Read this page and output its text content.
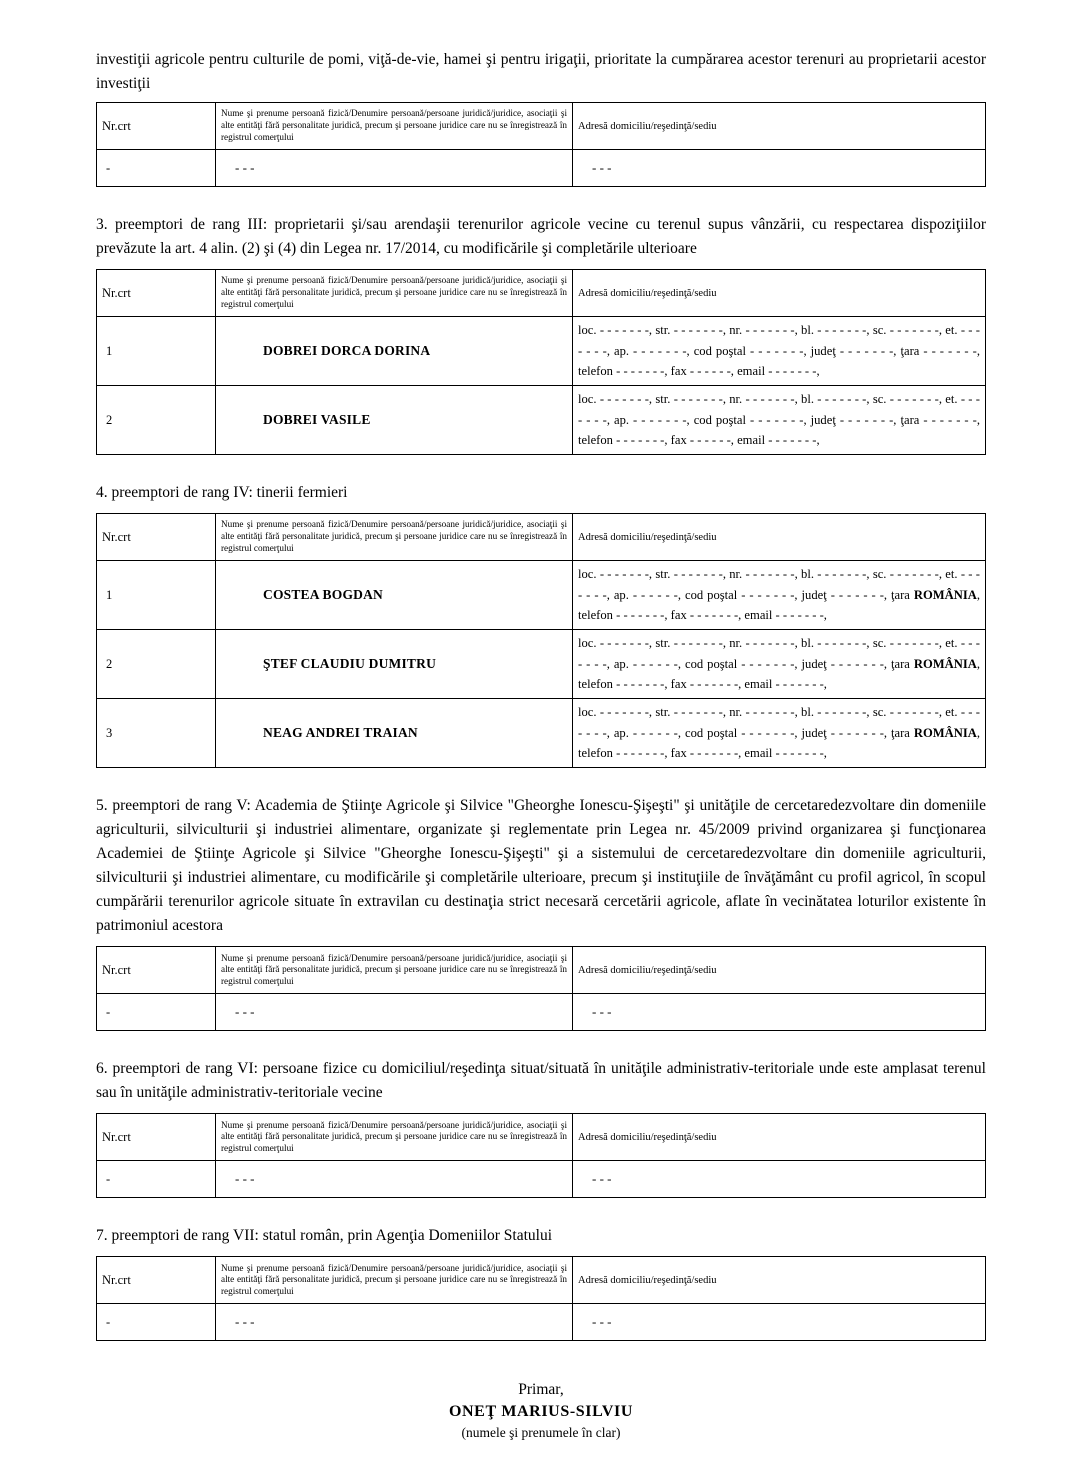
investiţii agricole pentru culturile de pomi, viţă-de-vie, hamei şi pentru irigaţii, prioritate la cumpărarea acestor terenuri au proprietarii acestor investiţii

Nr.crt	Nume şi prenume persoană fizică/Denumire persoană/persoane juridică/juridice, asociaţii şi alte entităţi fără personalitate juridică, precum şi persoane juridice care nu se înregistrează în registrul comerţului	Adresă domiciliu/reşedinţă/sediu

-	- - -	- - -

3. preemptori de rang III: proprietarii şi/sau arendaşii terenurilor agricole vecine cu terenul supus vânzării, cu respectarea dispoziţiilor prevăzute la art. 4 alin. (2) şi (4) din Legea nr. 17/2014, cu modificările şi completările ulterioare

Nr.crt	Nume şi prenume persoană fizică/Denumire persoană/persoane juridică/juridice, asociaţii şi alte entităţi fără personalitate juridică, precum şi persoane juridice care nu se înregistrează în registrul comerţului	Adresă domiciliu/reşedinţă/sediu

1	DOBREI DORCA DORINA	loc. - - - - - - -, str. - - - - - - -, nr. - - - - - - -, bl. - - - - - - -, sc. - - - - - - -, et. - - - - - - -, ap. - - - - - - -, cod poştal - - - - - - -, judeţ - - - - - - -, ţara - - - - - - -, telefon - - - - - - -, fax - - - - - -, email - - - - - - -,

2	DOBREI VASILE	loc. - - - - - - -, str. - - - - - - -, nr. - - - - - - -, bl. - - - - - - -, sc. - - - - - - -, et. - - - - - - -, ap. - - - - - - -, cod poştal - - - - - - -, judeţ - - - - - - -, ţara - - - - - - -, telefon - - - - - - -, fax - - - - - -, email - - - - - - -,

4. preemptori de rang IV: tinerii fermieri

Nr.crt	Nume şi prenume persoană fizică/Denumire persoană/persoane juridică/juridice, asociaţii şi alte entităţi fără personalitate juridică, precum şi persoane juridice care nu se înregistrează în registrul comerţului	Adresă domiciliu/reşedinţă/sediu

1	COSTEA BOGDAN	loc. - - - - - - -, str. - - - - - - -, nr. - - - - - - -, bl. - - - - - - -, sc. - - - - - - -, et. - - - - - - -, ap. - - - - - -, cod poştal - - - - - - -, judeţ - - - - - - -, ţara ROMÂNIA, telefon - - - - - - -, fax - - - - - - -, email - - - - - - -,

2	ŞTEF CLAUDIU DUMITRU	loc. - - - - - - -, str. - - - - - - -, nr. - - - - - - -, bl. - - - - - - -, sc. - - - - - - -, et. - - - - - - -, ap. - - - - - -, cod poştal - - - - - - -, judeţ - - - - - - -, ţara ROMÂNIA, telefon - - - - - - -, fax - - - - - - -, email - - - - - - -,

3	NEAG ANDREI TRAIAN	loc. - - - - - - -, str. - - - - - - -, nr. - - - - - - -, bl. - - - - - - -, sc. - - - - - - -, et. - - - - - - -, ap. - - - - - -, cod poştal - - - - - - -, judeţ - - - - - - -, ţara ROMÂNIA, telefon - - - - - - -, fax - - - - - - -, email - - - - - - -,

5. preemptori de rang V: Academia de Ştiinţe Agricole şi Silvice "Gheorghe Ionescu-Şişeşti" şi unităţile de cercetaredezvoltare din domeniile agriculturii, silviculturii şi industriei alimentare, organizate şi reglementate prin Legea nr. 45/2009 privind organizarea şi funcţionarea Academiei de Ştiinţe Agricole şi Silvice "Gheorghe Ionescu-Şişeşti" şi a sistemului de cercetaredezvoltare din domeniile agriculturii, silviculturii şi industriei alimentare, cu modificările şi completările ulterioare, precum şi instituţiile de învăţământ cu profil agricol, în scopul cumpărării terenurilor agricole situate în extravilan cu destinaţia strict necesară cercetării agricole, aflate în vecinătatea loturilor existente în patrimoniul acestora

Nr.crt	Nume şi prenume persoană fizică/Denumire persoană/persoane juridică/juridice, asociaţii şi alte entităţi fără personalitate juridică, precum şi persoane juridice care nu se înregistrează în registrul comerţului	Adresă domiciliu/reşedinţă/sediu

-	- - -	- - -

6. preemptori de rang VI: persoane fizice cu domiciliul/reşedinţa situat/situată în unităţile administrativ-teritoriale unde este amplasat terenul sau în unităţile administrativ-teritoriale vecine

Nr.crt	Nume şi prenume persoană fizică/Denumire persoană/persoane juridică/juridice, asociaţii şi alte entităţi fără personalitate juridică, precum şi persoane juridice care nu se înregistrează în registrul comerţului	Adresă domiciliu/reşedinţă/sediu

-	- - -	- - -

7. preemptori de rang VII: statul român, prin Agenţia Domeniilor Statului

Nr.crt	Nume şi prenume persoană fizică/Denumire persoană/persoane juridică/juridice, asociaţii şi alte entităţi fără personalitate juridică, precum şi persoane juridice care nu se înregistrează în registrul comerţului	Adresă domiciliu/reşedinţă/sediu

-	- - -	- - -
Primar,
ONEŢ MARIUS-SILVIU
(numele şi prenumele în clar)
